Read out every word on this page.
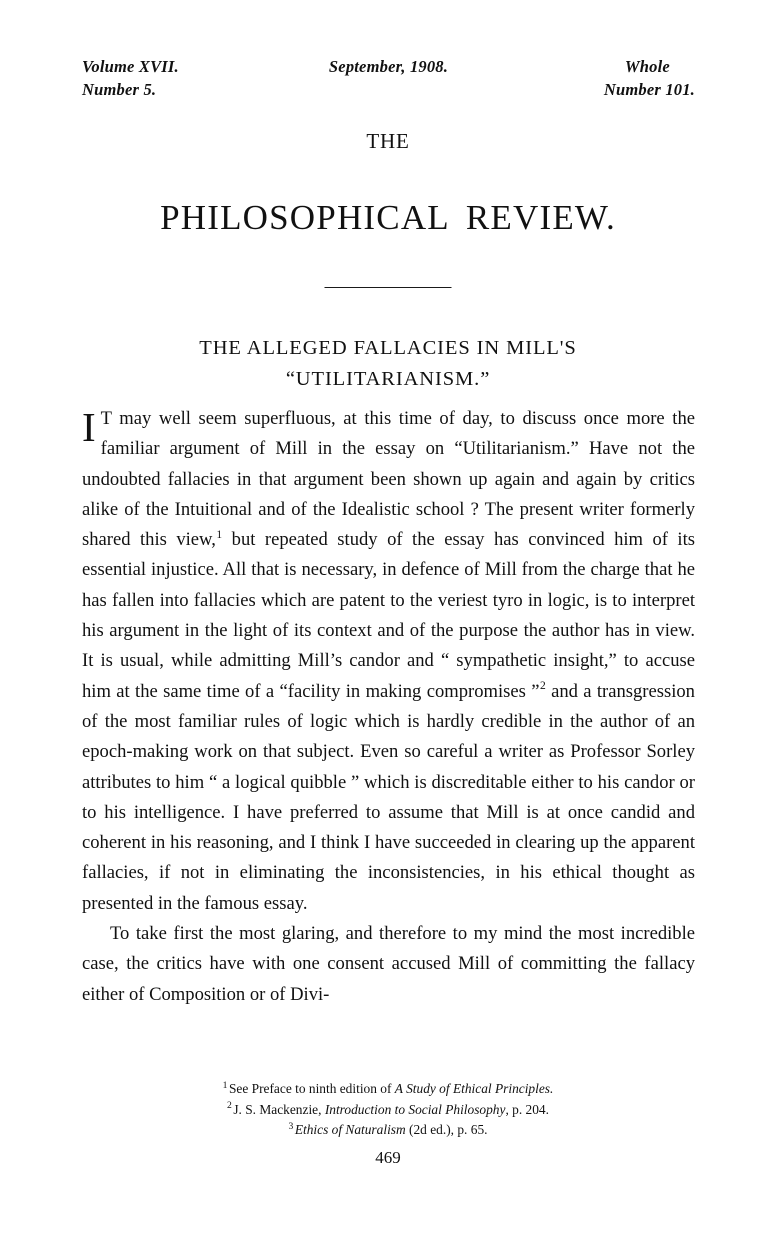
Volume XVII.
Number 5.
September, 1908.	Whole
Number 101.
THE
PHILOSOPHICAL REVIEW.
THE ALLEGED FALLACIES IN MILL'S
“UTILITARIANISM.”

I T may well seem superfluous, at this time of day, to discuss once more the familiar argument of Mill in the essay on “Utilitarianism.” Have not the undoubted fallacies in that argument been shown up again and again by critics alike of the Intuitional and of the Idealistic school ? The present writer formerly shared this view,$^1$ but repeated study of the essay has convinced him of its essential injustice. All that is necessary, in defence of Mill from the charge that he has fallen into fallacies which are patent to the veriest tyro in logic, is to interpret his argument in the light of its context and of the purpose the author has in view. It is usual, while admitting Mill’s candor and “ sympathetic insight,” to accuse him at the same time of a “facility in making compromises ”$^2$ and a transgression of the most familiar rules of logic which is hardly credible in the author of an epoch-making work on that subject. Even so careful a writer as Professor Sorley attributes to him “ a logical quibble ” which is discreditable either to his candor or to his intelligence. I have preferred to assume that Mill is at once candid and coherent in his reasoning, and I think I have succeeded in clearing up the apparent fallacies, if not in eliminating the inconsistencies, in his ethical thought as presented in the famous essay.

To take first the most glaring, and therefore to my mind the most incredible case, the critics have with one consent accused Mill of committing the fallacy either of Composition or of Divi-

$^1$ See Preface to ninth edition of A Study of Ethical Principles.
$^2$ J. S. Mackenzie, Introduction to Social Philosophy, p. 204.
$^3$ Ethics of Naturalism (2d ed.), p. 65.
469
